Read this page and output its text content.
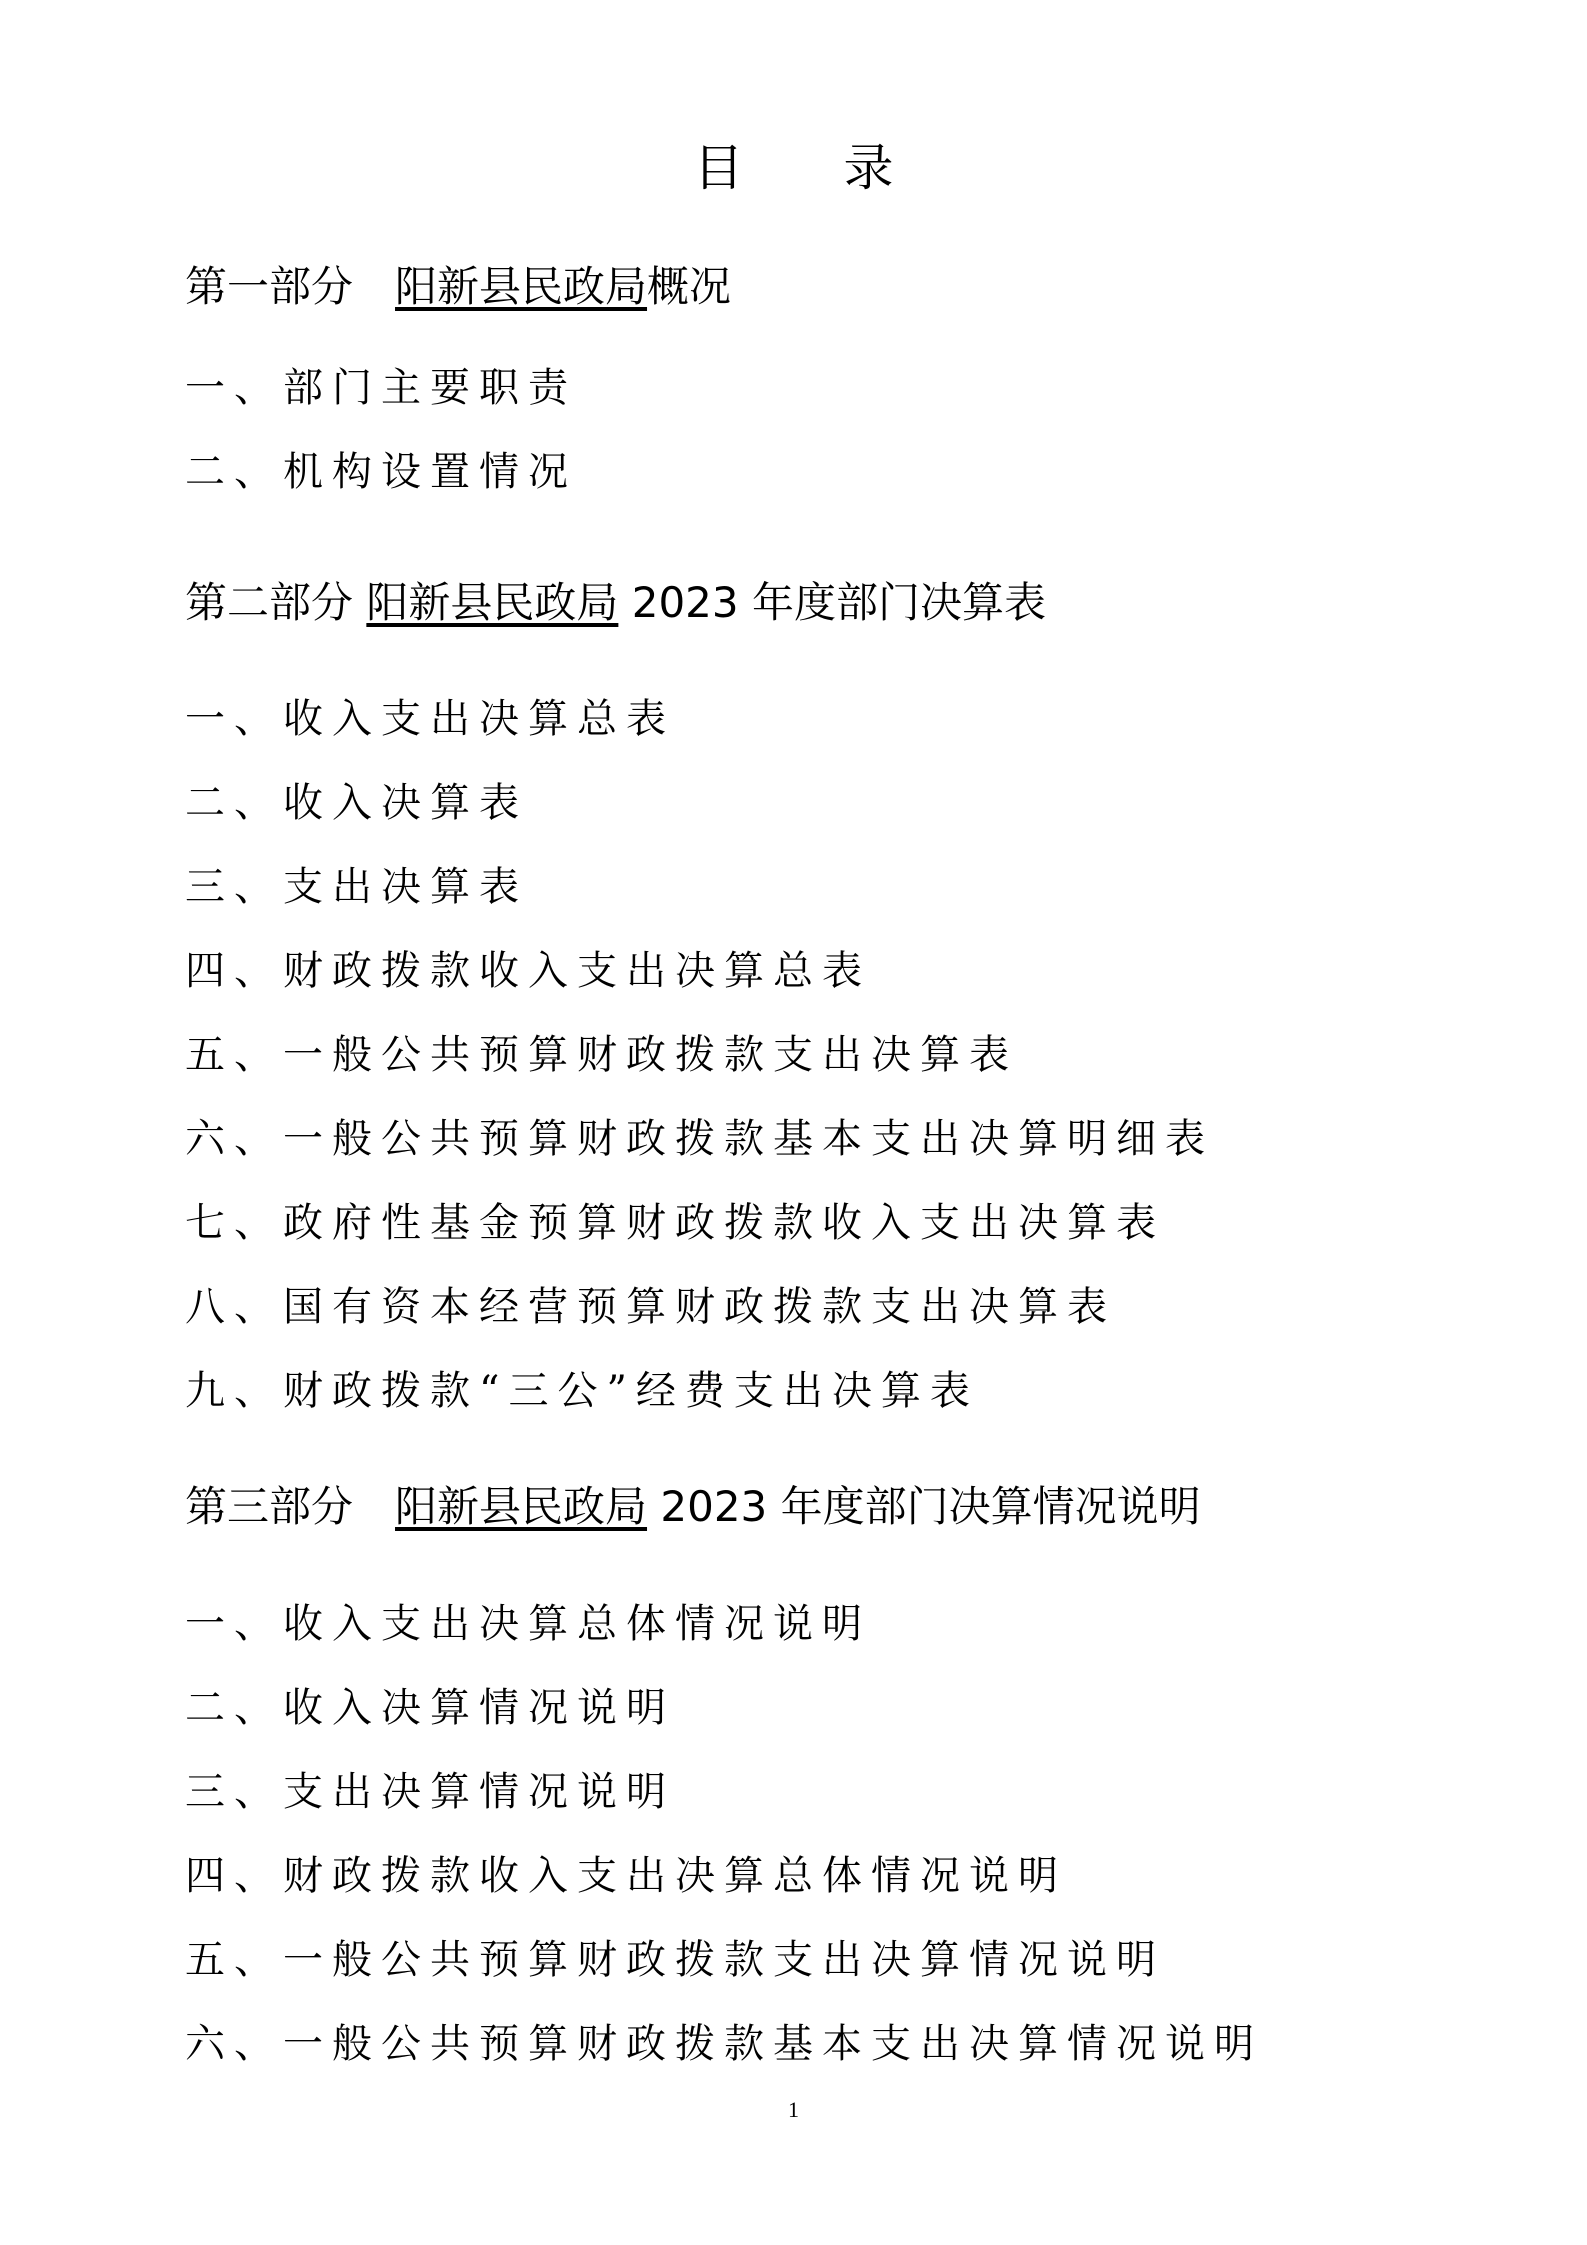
目　　录
第一部分　阳新县民政局概况
一、部门主要职责
二、机构设置情况
第二部分 阳新县民政局 2023 年度部门决算表
一、收入支出决算总表
二、收入决算表
三、支出决算表
四、财政拨款收入支出决算总表
五、一般公共预算财政拨款支出决算表
六、一般公共预算财政拨款基本支出决算明细表
七、政府性基金预算财政拨款收入支出决算表
八、国有资本经营预算财政拨款支出决算表
九、财政拨款“三公”经费支出决算表
第三部分　阳新县民政局 2023 年度部门决算情况说明
一、收入支出决算总体情况说明
二、收入决算情况说明
三、支出决算情况说明
四、财政拨款收入支出决算总体情况说明
五、一般公共预算财政拨款支出决算情况说明
六、一般公共预算财政拨款基本支出决算情况说明
1
